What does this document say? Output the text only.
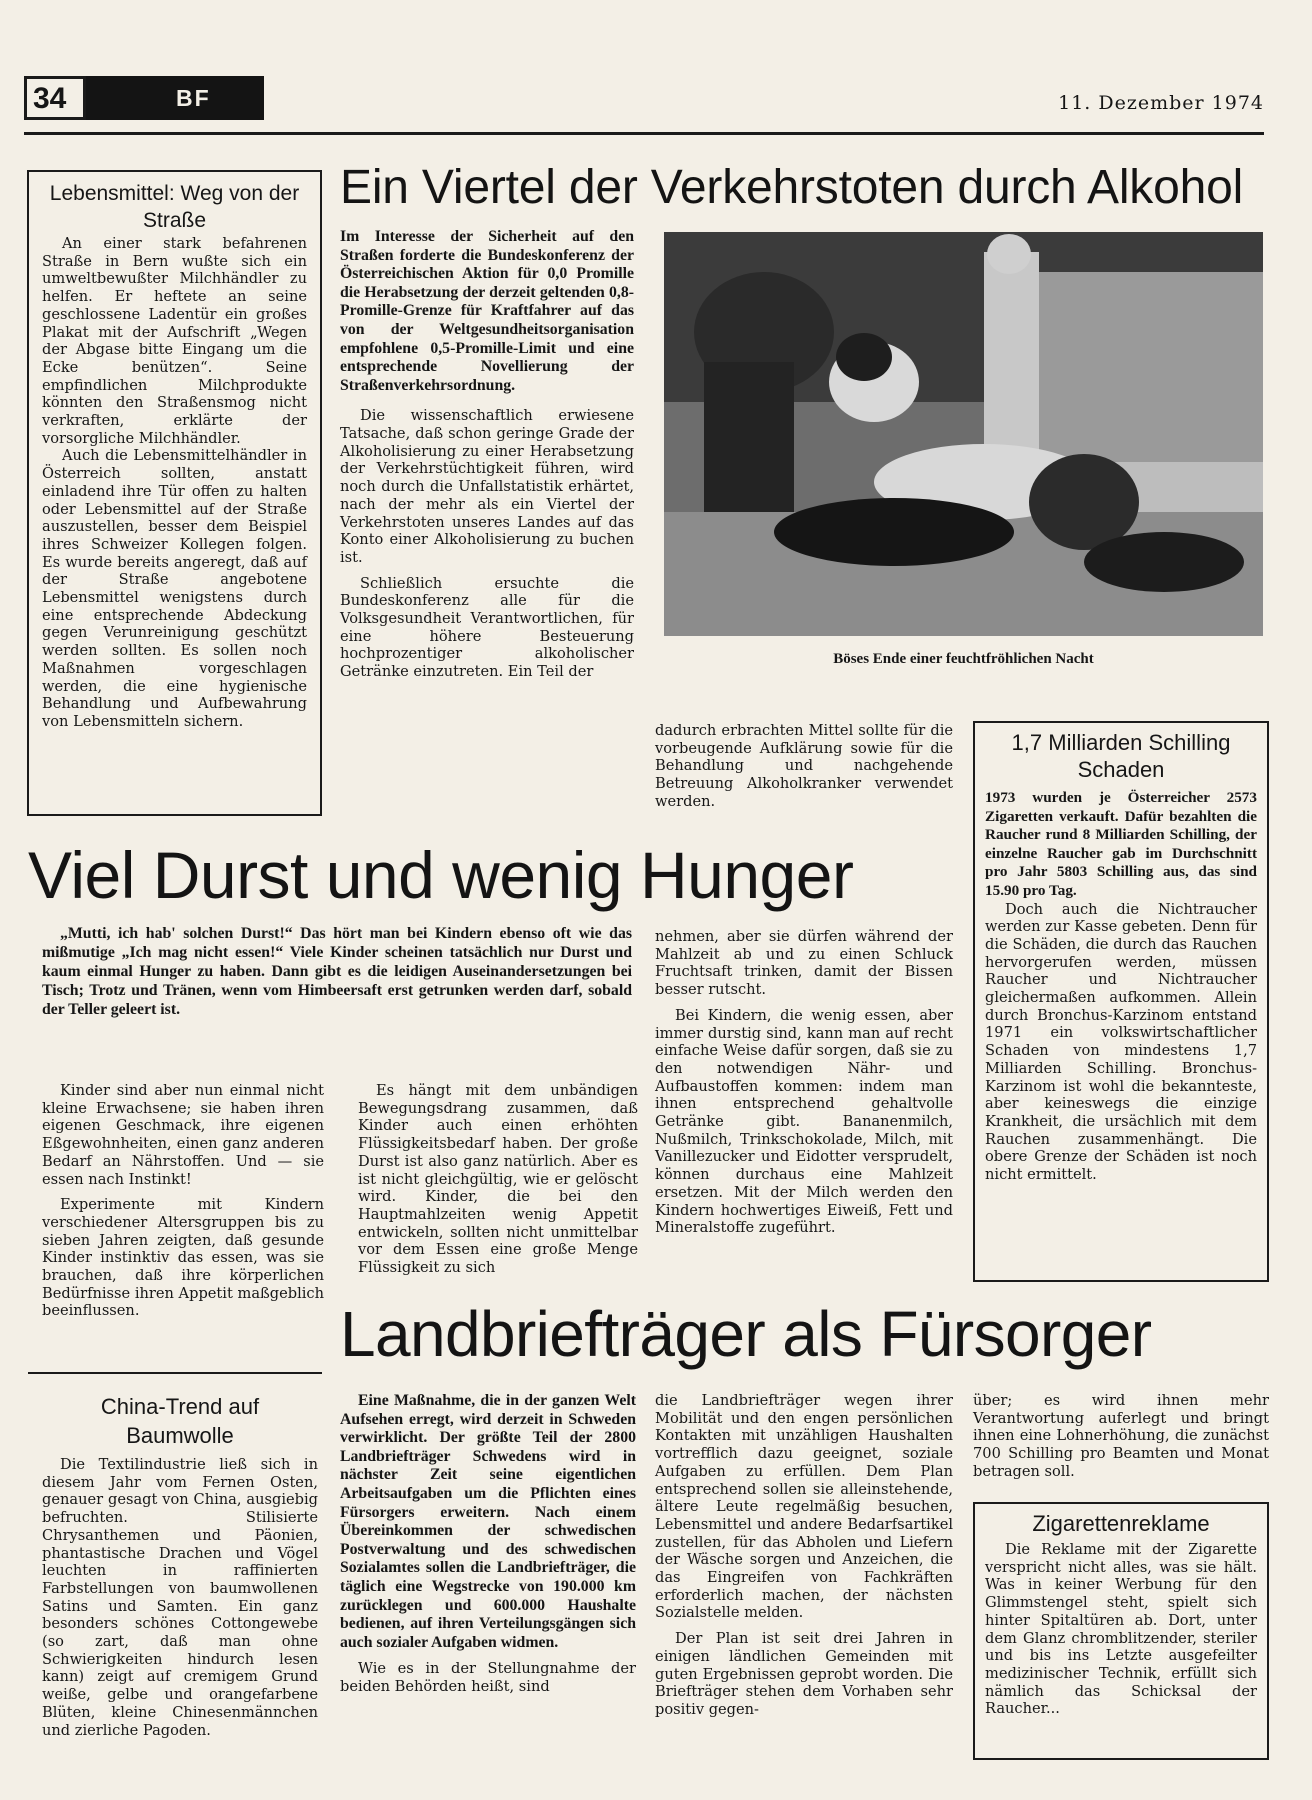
34	BF	11. Dezember 1974
Lebensmittel: Weg von der Straße

An einer stark befahrenen Straße in Bern wußte sich ein umweltbewußter Milchhändler zu helfen. Er heftete an seine geschlossene Ladentür ein großes Plakat mit der Aufschrift „Wegen der Abgase bitte Eingang um die Ecke benützen“. Seine empfindlichen Milchprodukte könnten den Straßensmog nicht verkraften, erklärte der vorsorgliche Milchhändler.

Auch die Lebensmittelhändler in Österreich sollten, anstatt einladend ihre Tür offen zu halten oder Lebensmittel auf der Straße auszustellen, besser dem Beispiel ihres Schweizer Kollegen folgen. Es wurde bereits angeregt, daß auf der Straße angebotene Lebensmittel wenigstens durch eine entsprechende Abdeckung gegen Verunreinigung geschützt werden sollten. Es sollen noch Maßnahmen vorgeschlagen werden, die eine hygienische Behandlung und Aufbewahrung von Lebensmitteln sichern.

Ein Viertel der Verkehrstoten durch Alkohol

Im Interesse der Sicherheit auf den Straßen forderte die Bundeskonferenz der Österreichischen Aktion für 0,0 Promille die Herabsetzung der derzeit geltenden 0,8-Promille-Grenze für Kraftfahrer auf das von der Weltgesundheitsorganisation empfohlene 0,5-Promille-Limit und eine entsprechende Novellierung der Straßenverkehrsordnung.

Die wissenschaftlich erwiesene Tatsache, daß schon geringe Grade der Alkoholisierung zu einer Herabsetzung der Verkehrstüchtigkeit führen, wird noch durch die Unfallstatistik erhärtet, nach der mehr als ein Viertel der Verkehrstoten unseres Landes auf das Konto einer Alkoholisierung zu buchen ist.

Schließlich ersuchte die Bundeskonferenz alle für die Volksgesundheit Verantwortlichen, für eine höhere Besteuerung hochprozentiger alkoholischer Getränke einzutreten. Ein Teil der

Böses Ende einer feuchtfröhlichen Nacht

dadurch erbrachten Mittel sollte für die vorbeugende Aufklärung sowie für die Behandlung und nachgehende Betreuung Alkoholkranker verwendet werden.

1,7 Milliarden Schilling Schaden

1973 wurden je Österreicher 2573 Zigaretten verkauft. Dafür bezahlten die Raucher rund 8 Milliarden Schilling, der einzelne Raucher gab im Durchschnitt pro Jahr 5803 Schilling aus, das sind 15.90 pro Tag.

Doch auch die Nichtraucher werden zur Kasse gebeten. Denn für die Schäden, die durch das Rauchen hervorgerufen werden, müssen Raucher und Nichtraucher gleichermaßen aufkommen. Allein durch Bronchus-Karzinom entstand 1971 ein volkswirtschaftlicher Schaden von mindestens 1,7 Milliarden Schilling. Bronchus-Karzinom ist wohl die bekannteste, aber keineswegs die einzige Krankheit, die ursächlich mit dem Rauchen zusammenhängt. Die obere Grenze der Schäden ist noch nicht ermittelt.

Viel Durst und wenig Hunger

„Mutti, ich hab' solchen Durst!“ Das hört man bei Kindern ebenso oft wie das mißmutige „Ich mag nicht essen!“ Viele Kinder scheinen tatsächlich nur Durst und kaum einmal Hunger zu haben. Dann gibt es die leidigen Auseinandersetzungen bei Tisch; Trotz und Tränen, wenn vom Himbeersaft erst getrunken werden darf, sobald der Teller geleert ist.

Kinder sind aber nun einmal nicht kleine Erwachsene; sie haben ihren eigenen Geschmack, ihre eigenen Eßgewohnheiten, einen ganz anderen Bedarf an Nährstoffen. Und — sie essen nach Instinkt!

Experimente mit Kindern verschiedener Altersgruppen bis zu sieben Jahren zeigten, daß gesunde Kinder instinktiv das essen, was sie brauchen, daß ihre körperlichen Bedürfnisse ihren Appetit maßgeblich beeinflussen.

Es hängt mit dem unbändigen Bewegungsdrang zusammen, daß Kinder auch einen erhöhten Flüssigkeitsbedarf haben. Der große Durst ist also ganz natürlich. Aber es ist nicht gleichgültig, wie er gelöscht wird. Kinder, die bei den Hauptmahlzeiten wenig Appetit entwickeln, sollten nicht unmittelbar vor dem Essen eine große Menge Flüssigkeit zu sich

nehmen, aber sie dürfen während der Mahlzeit ab und zu einen Schluck Fruchtsaft trinken, damit der Bissen besser rutscht.

Bei Kindern, die wenig essen, aber immer durstig sind, kann man auf recht einfache Weise dafür sorgen, daß sie zu den notwendigen Nähr- und Aufbaustoffen kommen: indem man ihnen entsprechend gehaltvolle Getränke gibt. Bananenmilch, Nußmilch, Trinkschokolade, Milch, mit Vanillezucker und Eidotter versprudelt, können durchaus eine Mahlzeit ersetzen. Mit der Milch werden den Kindern hochwertiges Eiweiß, Fett und Mineralstoffe zugeführt.

China-Trend auf Baumwolle

Die Textilindustrie ließ sich in diesem Jahr vom Fernen Osten, genauer gesagt von China, ausgiebig befruchten. Stilisierte Chrysanthemen und Päonien, phantastische Drachen und Vögel leuchten in raffinierten Farbstellungen von baumwollenen Satins und Samten. Ein ganz besonders schönes Cottongewebe (so zart, daß man ohne Schwierigkeiten hindurch lesen kann) zeigt auf cremigem Grund weiße, gelbe und orangefarbene Blüten, kleine Chinesenmännchen und zierliche Pagoden.

Landbriefträger als Fürsorger

Eine Maßnahme, die in der ganzen Welt Aufsehen erregt, wird derzeit in Schweden verwirklicht. Der größte Teil der 2800 Landbriefträger Schwedens wird in nächster Zeit seine eigentlichen Arbeitsaufgaben um die Pflichten eines Fürsorgers erweitern. Nach einem Übereinkommen der schwedischen Postverwaltung und des schwedischen Sozialamtes sollen die Landbriefträger, die täglich eine Wegstrecke von 190.000 km zurücklegen und 600.000 Haushalte bedienen, auf ihren Verteilungsgängen sich auch sozialer Aufgaben widmen.

Wie es in der Stellungnahme der beiden Behörden heißt, sind

die Landbriefträger wegen ihrer Mobilität und den engen persönlichen Kontakten mit unzähligen Haushalten vortrefflich dazu geeignet, soziale Aufgaben zu erfüllen. Dem Plan entsprechend sollen sie alleinstehende, ältere Leute regelmäßig besuchen, Lebensmittel und andere Bedarfsartikel zustellen, für das Abholen und Liefern der Wäsche sorgen und Anzeichen, die das Eingreifen von Fachkräften erforderlich machen, der nächsten Sozialstelle melden.

Der Plan ist seit drei Jahren in einigen ländlichen Gemeinden mit guten Ergebnissen geprobt worden. Die Briefträger stehen dem Vorhaben sehr positiv gegen-

über; es wird ihnen mehr Verantwortung auferlegt und bringt ihnen eine Lohnerhöhung, die zunächst 700 Schilling pro Beamten und Monat betragen soll.

Zigarettenreklame

Die Reklame mit der Zigarette verspricht nicht alles, was sie hält. Was in keiner Werbung für den Glimmstengel steht, spielt sich hinter Spitaltüren ab. Dort, unter dem Glanz chromblitzender, steriler und bis ins Letzte ausgefeilter medizinischer Technik, erfüllt sich nämlich das Schicksal der Raucher...
